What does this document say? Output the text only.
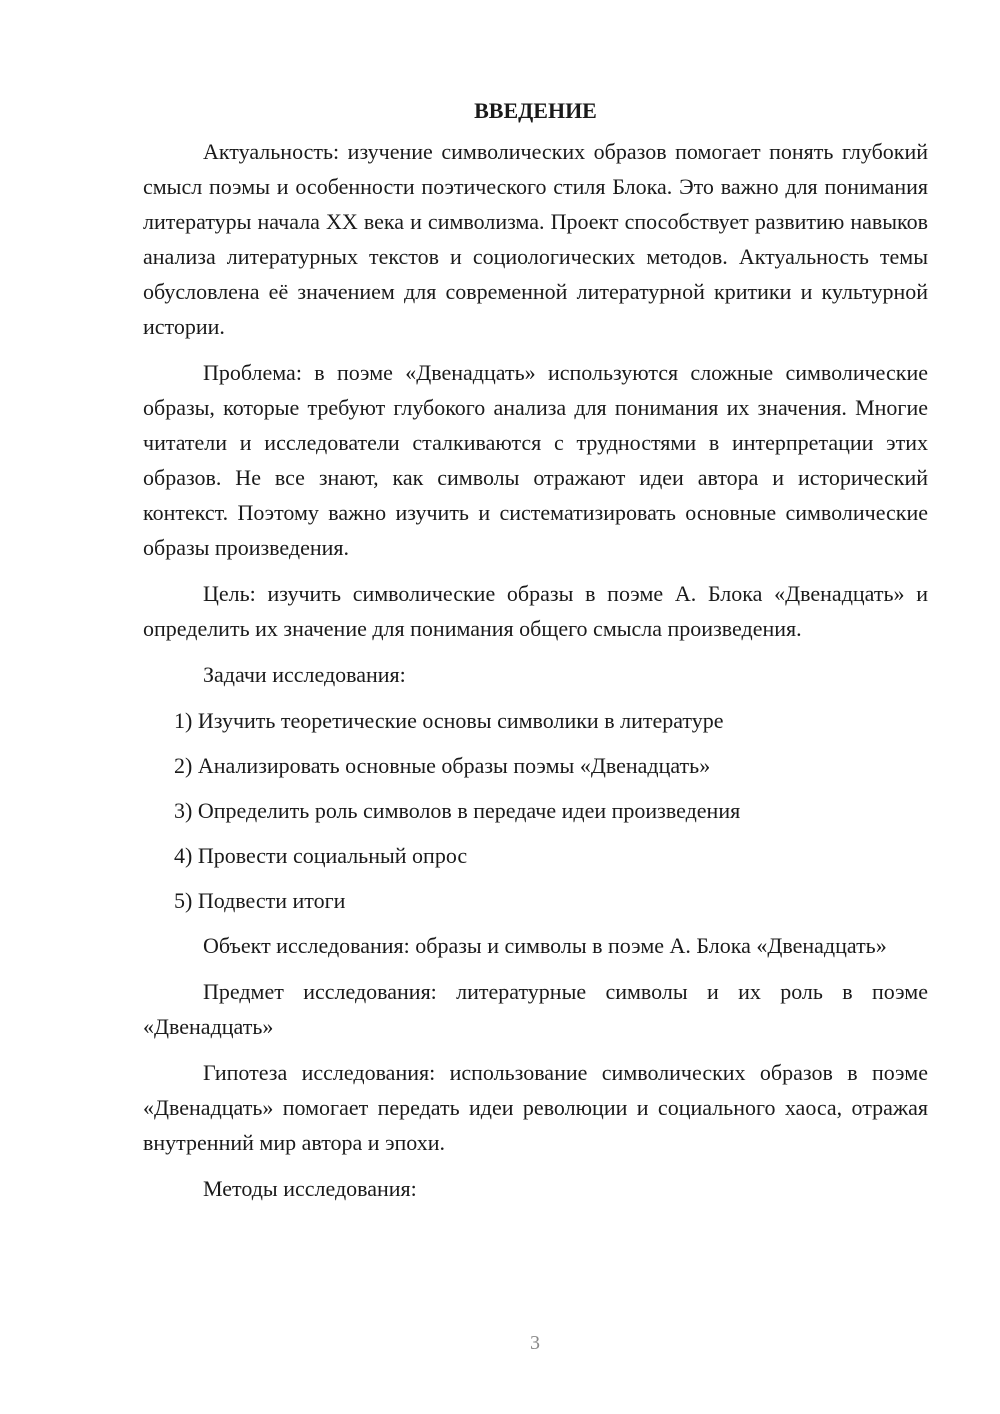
ВВЕДЕНИЕ

Актуальность: изучение символических образов помогает понять глубокий смысл поэмы и особенности поэтического стиля Блока. Это важно для понимания литературы начала XX века и символизма. Проект способствует развитию навыков анализа литературных текстов и социологических методов. Актуальность темы обусловлена её значением для современной литературной критики и культурной истории.

Проблема: в поэме «Двенадцать» используются сложные символические образы, которые требуют глубокого анализа для понимания их значения. Многие читатели и исследователи сталкиваются с трудностями в интерпретации этих образов. Не все знают, как символы отражают идеи автора и исторический контекст. Поэтому важно изучить и систематизировать основные символические образы произведения.

Цель: изучить символические образы в поэме А. Блока «Двенадцать» и определить их значение для понимания общего смысла произведения.

Задачи исследования:

1) Изучить теоретические основы символики в литературе

2) Анализировать основные образы поэмы «Двенадцать»

3) Определить роль символов в передаче идеи произведения

4) Провести социальный опрос

5) Подвести итоги

Объект исследования: образы и символы в поэме А. Блока «Двенадцать»

Предмет исследования: литературные символы и их роль в поэме «Двенадцать»

Гипотеза исследования: использование символических образов в поэме «Двенадцать» помогает передать идеи революции и социального хаоса, отражая внутренний мир автора и эпохи.

Методы исследования:

3
